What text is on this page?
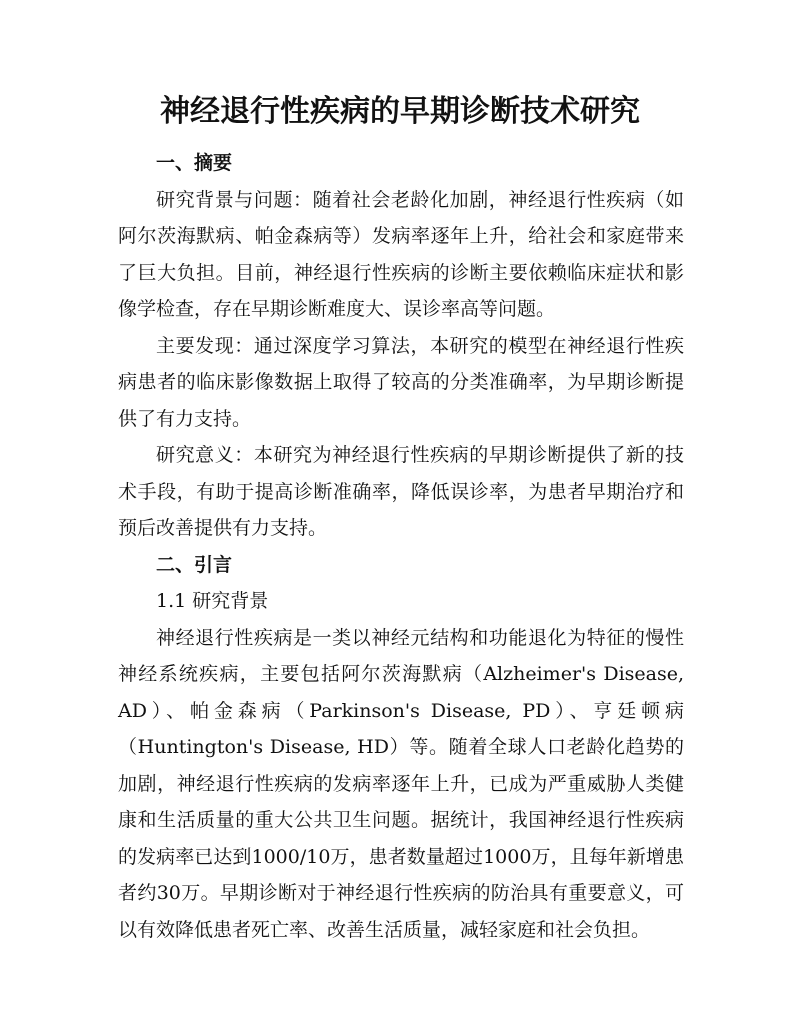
神经退行性疾病的早期诊断技术研究
一、摘要

研究背景与问题：随着社会老龄化加剧，神经退行性疾病（如阿尔茨海默病、帕金森病等）发病率逐年上升，给社会和家庭带来了巨大负担。目前，神经退行性疾病的诊断主要依赖临床症状和影像学检查，存在早期诊断难度大、误诊率高等问题。

主要发现：通过深度学习算法，本研究的模型在神经退行性疾病患者的临床影像数据上取得了较高的分类准确率，为早期诊断提供了有力支持。

研究意义：本研究为神经退行性疾病的早期诊断提供了新的技术手段，有助于提高诊断准确率，降低误诊率，为患者早期治疗和预后改善提供有力支持。

二、引言
1.1 研究背景

神经退行性疾病是一类以神经元结构和功能退化为特征的慢性神经系统疾病，主要包括阿尔茨海默病（Alzheimer's Disease, AD）、帕金森病（Parkinson's Disease, PD）、亨廷顿病（Huntington's Disease, HD）等。随着全球人口老龄化趋势的加剧，神经退行性疾病的发病率逐年上升，已成为严重威胁人类健康和生活质量的重大公共卫生问题。据统计，我国神经退行性疾病的发病率已达到1000/10万，患者数量超过1000万，且每年新增患者约30万。早期诊断对于神经退行性疾病的防治具有重要意义，可以有效降低患者死亡率、改善生活质量，减轻家庭和社会负担。
